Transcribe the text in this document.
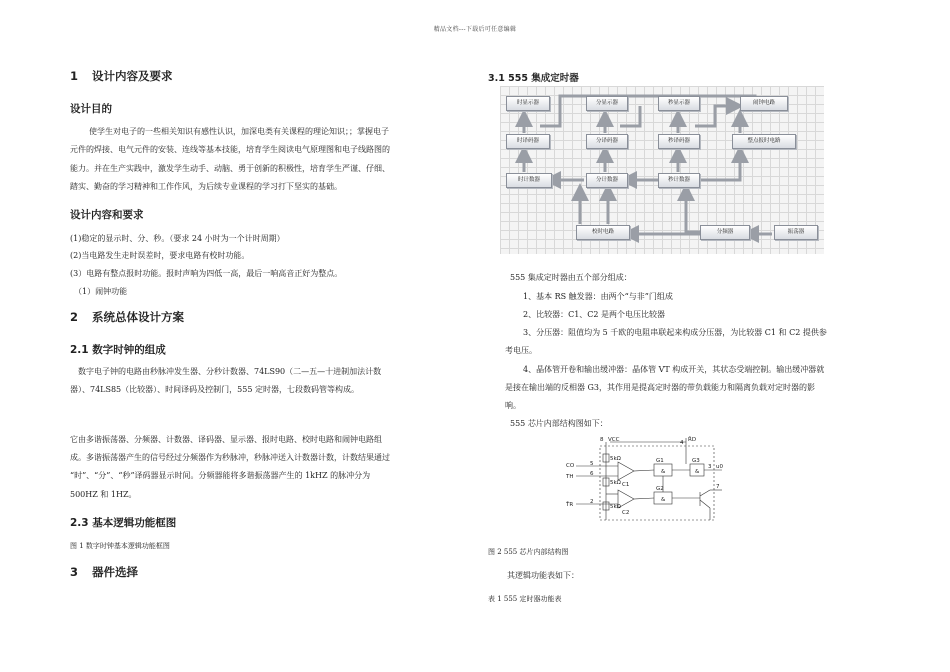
精品文档---下载后可任意编辑
1 设计内容及要求
设计目的
使学生对电子的一些相关知识有感性认识，加深电类有关课程的理论知识；；掌握电子
元件的焊接、电气元件的安装、连线等基本技能，培育学生阅读电气原理图和电子线路图的
能力。并在生产实践中，激发学生动手、动脑、勇于创新的积极性，培育学生严谨、仔细、
踏实、勤奋的学习精神和工作作风，为后续专业课程的学习打下坚实的基础。
设计内容和要求
(1)稳定的显示时、分、秒。（要求 24 小时为一个计时周期）
(2)当电路发生走时误差时，要求电路有校时功能。
(3）电路有整点报时功能。报时声响为四低一高，最后一响高音正好为整点。
（1）闹钟功能
2 系统总体设计方案
2.1 数字时钟的组成
数字电子钟的电路由秒脉冲发生器、分秒计数器、74LS90（二—五—十进制加法计数
器）、74LS85（比较器）、时间译码及控制门，555 定时器，七段数码管等构成。
它由多谐振荡器、分频器、计数器、译码器、显示器、报时电路、校时电路和闹钟电路组
成。多谐振荡器产生的信号经过分频器作为秒脉冲，秒脉冲送入计数器计数，计数结果通过
“时”、“分”、“秒”译码器显示时间。分频器能将多谐振荡器产生的 1kHZ 的脉冲分为
500HZ 和 1HZ。
2.3 基本逻辑功能框图
图 1 数字时钟基本逻辑功能框图
3 器件选择
3.1 555 集成定时器
时显示器	分显示器	秒显示器	闹钟电路
时译码器	分译码器	秒译码器	整点报时电路
时计数器	分计数器	秒计数器
校时电路	分频器	振荡器
555 集成定时器由五个部分组成：
1、基本 RS 触发器：由两个“与非”门组成
2、比较器：C1、C2 是两个电压比较器
3、分压器：阻值均为 5 千欧的电阻串联起来构成分压器，为比较器 C1 和 C2 提供参
考电压。
4、晶体管开卷和输出缓冲器：晶体管 VT 构成开关，其状态受端控制。输出缓冲器就
是接在输出端的反相器 G3，其作用是提高定时器的带负载能力和隔离负载对定时器的影
响。
555 芯片内部结构图如下：
VCC	R̄D
CO
TH
T̄R
5kΩ
5kΩ
5kΩ
C1
C2
G1
G2
G3
&
&
&
u0
3
4
5
6
2
8
7
图 2 555 芯片内部结构图
其逻辑功能表如下：
表 1 555 定时器功能表
